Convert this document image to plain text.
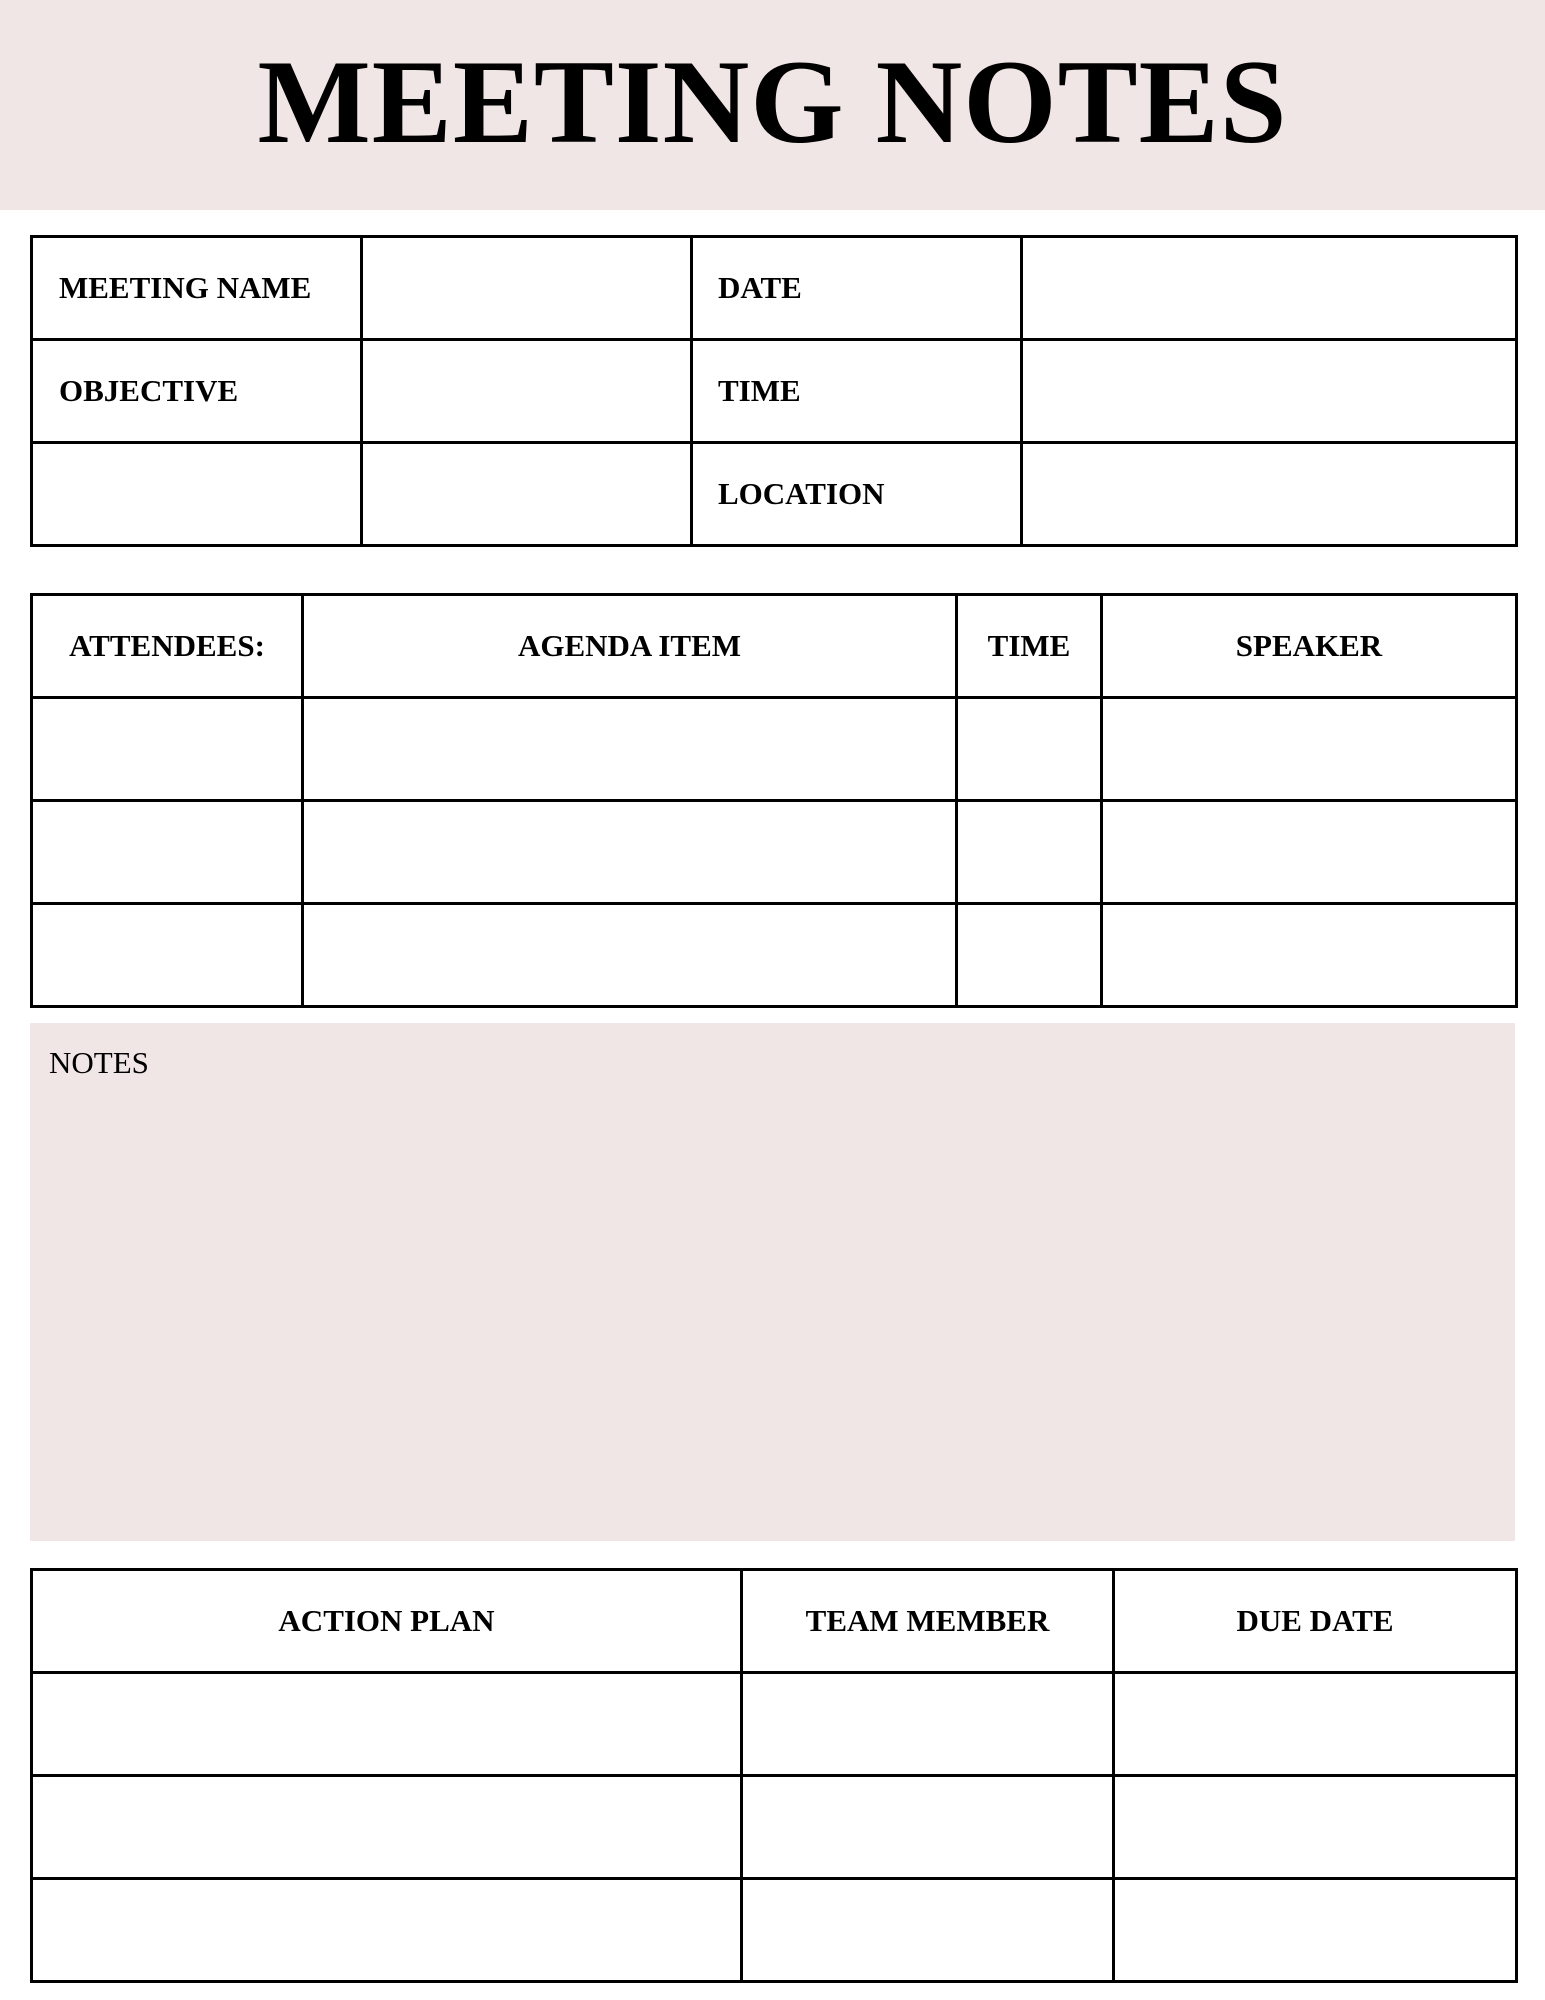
MEETING NOTES
MEETING NAME		DATE	
OBJECTIVE		TIME	
		LOCATION	
ATTENDEES:	AGENDA ITEM	TIME	SPEAKER

NOTES
ACTION PLAN	TEAM MEMBER	DUE DATE
